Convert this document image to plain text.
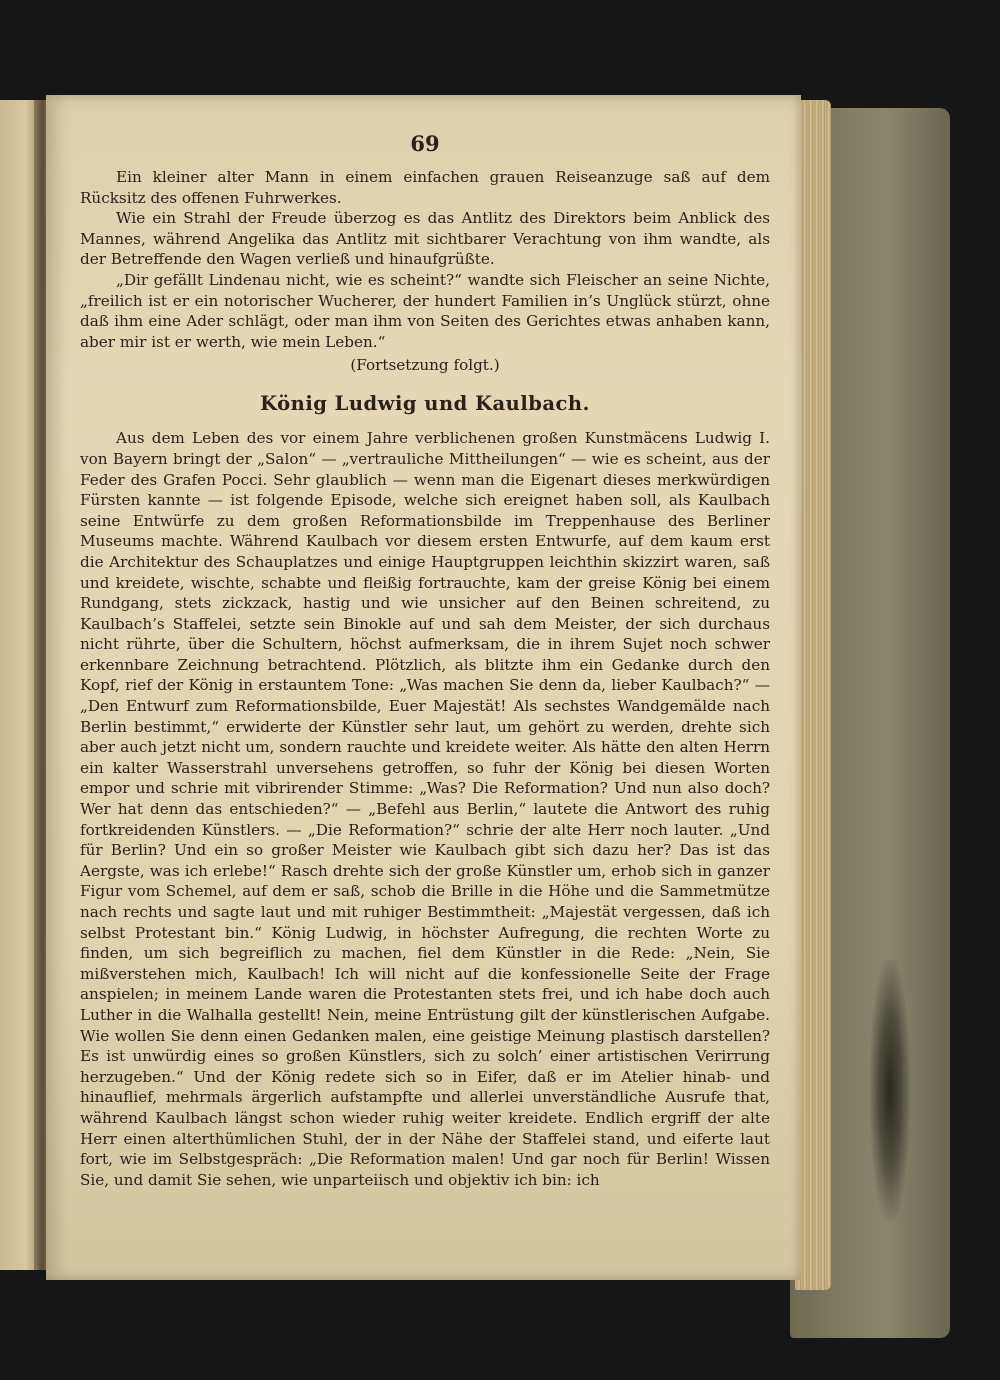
69

Ein kleiner alter Mann in einem einfachen grauen Reiseanzuge saß auf dem Rücksitz des offenen Fuhrwerkes.

Wie ein Strahl der Freude überzog es das Antlitz des Direktors beim Anblick des Mannes, während Angelika das Antlitz mit sichtbarer Verachtung von ihm wandte, als der Betreffende den Wagen verließ und hinaufgrüßte.

„Dir gefällt Lindenau nicht, wie es scheint?“ wandte sich Fleischer an seine Nichte, „freilich ist er ein notorischer Wucherer, der hundert Familien in’s Unglück stürzt, ohne daß ihm eine Ader schlägt, oder man ihm von Seiten des Gerichtes etwas anhaben kann, aber mir ist er werth, wie mein Leben.“

(Fortsetzung folgt.)

König Ludwig und Kaulbach.

Aus dem Leben des vor einem Jahre verblichenen großen Kunstmäcens Ludwig I. von Bayern bringt der „Salon“ — „vertrauliche Mittheilungen“ — wie es scheint, aus der Feder des Grafen Pocci. Sehr glaublich — wenn man die Eigenart dieses merkwürdigen Fürsten kannte — ist folgende Episode, welche sich ereignet haben soll, als Kaulbach seine Entwürfe zu dem großen Reformationsbilde im Treppenhause des Berliner Museums machte. Während Kaulbach vor diesem ersten Entwurfe, auf dem kaum erst die Architektur des Schauplatzes und einige Hauptgruppen leichthin skizzirt waren, saß und kreidete, wischte, schabte und fleißig fortrauchte, kam der greise König bei einem Rundgang, stets zickzack, hastig und wie unsicher auf den Beinen schreitend, zu Kaulbach’s Staffelei, setzte sein Binokle auf und sah dem Meister, der sich durchaus nicht rührte, über die Schultern, höchst aufmerksam, die in ihrem Sujet noch schwer erkennbare Zeichnung betrachtend. Plötzlich, als blitzte ihm ein Gedanke durch den Kopf, rief der König in erstauntem Tone: „Was machen Sie denn da, lieber Kaulbach?“ — „Den Entwurf zum Reformationsbilde, Euer Majestät! Als sechstes Wandgemälde nach Berlin bestimmt,“ erwiderte der Künstler sehr laut, um gehört zu werden, drehte sich aber auch jetzt nicht um, sondern rauchte und kreidete weiter. Als hätte den alten Herrn ein kalter Wasserstrahl unversehens getroffen, so fuhr der König bei diesen Worten empor und schrie mit vibrirender Stimme: „Was? Die Reformation? Und nun also doch? Wer hat denn das entschieden?“ — „Befehl aus Berlin,“ lautete die Antwort des ruhig fortkreidenden Künstlers. — „Die Reformation?“ schrie der alte Herr noch lauter. „Und für Berlin? Und ein so großer Meister wie Kaulbach gibt sich dazu her? Das ist das Aergste, was ich erlebe!“ Rasch drehte sich der große Künstler um, erhob sich in ganzer Figur vom Schemel, auf dem er saß, schob die Brille in die Höhe und die Sammetmütze nach rechts und sagte laut und mit ruhiger Bestimmtheit: „Majestät vergessen, daß ich selbst Protestant bin.“ König Ludwig, in höchster Aufregung, die rechten Worte zu finden, um sich begreiflich zu machen, fiel dem Künstler in die Rede: „Nein, Sie mißverstehen mich, Kaulbach! Ich will nicht auf die konfessionelle Seite der Frage anspielen; in meinem Lande waren die Protestanten stets frei, und ich habe doch auch Luther in die Walhalla gestellt! Nein, meine Entrüstung gilt der künstlerischen Aufgabe. Wie wollen Sie denn einen Gedanken malen, eine geistige Meinung plastisch darstellen? Es ist unwürdig eines so großen Künstlers, sich zu solch’ einer artistischen Verirrung herzugeben.“ Und der König redete sich so in Eifer, daß er im Atelier hinab- und hinauflief, mehrmals ärgerlich aufstampfte und allerlei unverständliche Ausrufe that, während Kaulbach längst schon wieder ruhig weiter kreidete. Endlich ergriff der alte Herr einen alterthümlichen Stuhl, der in der Nähe der Staffelei stand, und eiferte laut fort, wie im Selbstgespräch: „Die Reformation malen! Und gar noch für Berlin! Wissen Sie, und damit Sie sehen, wie unparteiisch und objektiv ich bin: ich
